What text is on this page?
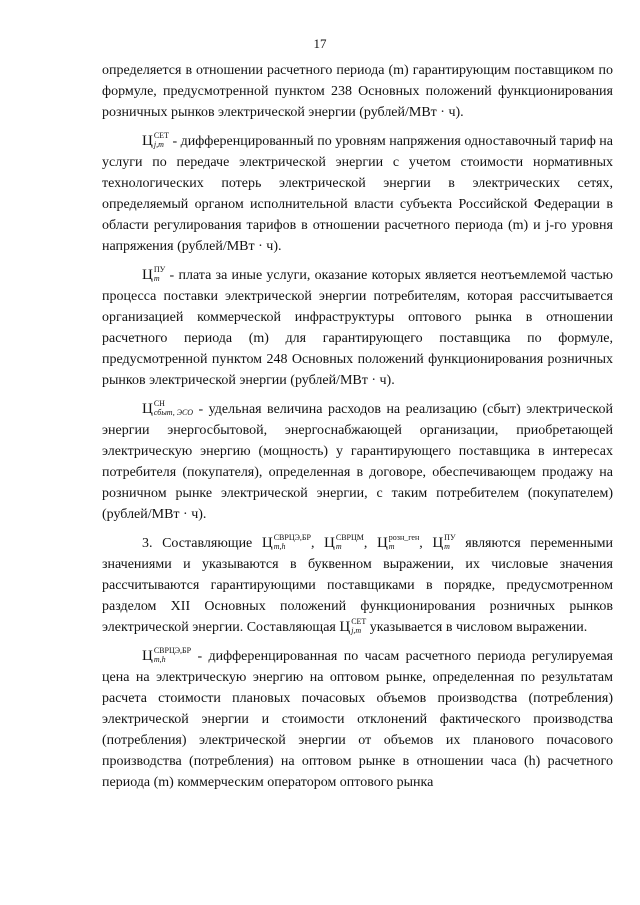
17

определяется в отношении расчетного периода (m) гарантирующим поставщиком по формуле, предусмотренной пунктом 238 Основных положений функционирования розничных рынков электрической энергии (рублей/МВт · ч).

Ц СЕТ
j,m - дифференцированный по уровням напряжения одноставочный тариф на услуги по передаче электрической энергии с учетом стоимости нормативных технологических потерь электрической энергии в электрических сетях, определяемый органом исполнительной власти субъекта Российской Федерации в области регулирования тарифов в отношении расчетного периода (m) и j-го уровня напряжения (рублей/МВт · ч).

Ц ПУ
m - плата за иные услуги, оказание которых является неотъемлемой частью процесса поставки электрической энергии потребителям, которая рассчитывается организацией коммерческой инфраструктуры оптового рынка в отношении расчетного периода (m) для гарантирующего поставщика по формуле, предусмотренной пунктом 248 Основных положений функционирования розничных рынков электрической энергии (рублей/МВт · ч).

Ц СН
сбыт, ЭСО - удельная величина расходов на реализацию (сбыт) электрической энергии энергосбытовой, энергоснабжающей организации, приобретающей электрическую энергию (мощность) у гарантирующего поставщика в интересах потребителя (покупателя), определенная в договоре, обеспечивающем продажу на розничном рынке электрической энергии, с таким потребителем (покупателем) (рублей/МВт · ч).

3. Составляющие Ц СВРЦЭ,БР
m,h	, Ц СВРЦМ
m	, Ц розн_ген
m	, Ц ПУ
m являются переменными значениями и указываются в буквенном выражении, их числовые значения рассчитываются гарантирующими поставщиками в порядке, предусмотренном разделом XII Основных положений функционирования розничных рынков электрической энергии. Составляющая Ц СЕТ
j,m указывается в числовом выражении.

Ц СВРЦЭ,БР
m,h	- дифференцированная по часам расчетного периода регулируемая цена на электрическую энергию на оптовом рынке, определенная по результатам расчета стоимости плановых почасовых объемов производства (потребления) электрической энергии и стоимости отклонений фактического производства (потребления) электрической энергии от объемов их планового почасового производства (потребления) на оптовом рынке в отношении часа (h) расчетного периода (m) коммерческим оператором оптового рынка
